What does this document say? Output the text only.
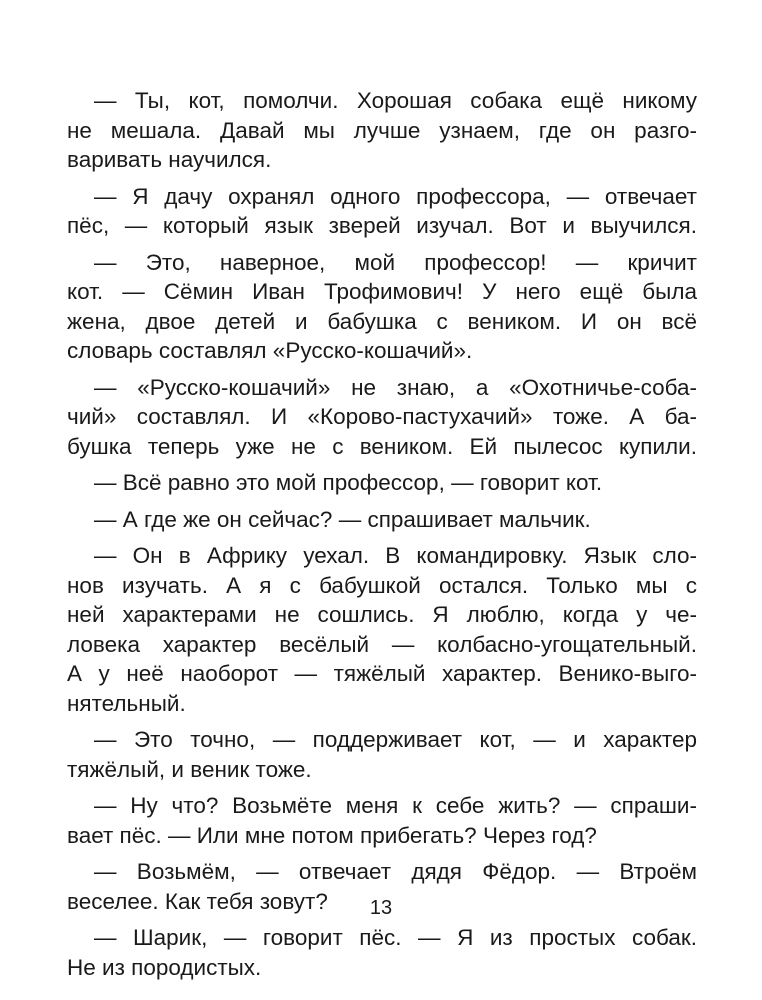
— Ты, кот, помолчи. Хорошая собака ещё никому
не мешала. Давай мы лучше узнаем, где он разго-
варивать научился.
— Я дачу охранял одного профессора, — отвечает
пёс, — который язык зверей изучал. Вот и выучился.
— Это, наверное, мой профессор! — кричит
кот. — Сёмин Иван Трофимович! У него ещё была
жена, двое детей и бабушка с веником. И он всё
словарь составлял «Русско-кошачий».
— «Русско-кошачий» не знаю, а «Охотничье-соба-
чий» составлял. И «Корово-пастухачий» тоже. А ба-
бушка теперь уже не с веником. Ей пылесос купили.
— Всё равно это мой профессор, — говорит кот.
— А где же он сейчас? — спрашивает мальчик.
— Он в Африку уехал. В командировку. Язык сло-
нов изучать. А я с бабушкой остался. Только мы с
ней характерами не сошлись. Я люблю, когда у че-
ловека характер весёлый — колбасно-угощательный.
А у неё наоборот — тяжёлый характер. Венико-выго-
нятельный.
— Это точно, — поддерживает кот, — и характер
тяжёлый, и веник тоже.
— Ну что? Возьмёте меня к себе жить? — спраши-
вает пёс. — Или мне потом прибегать? Через год?
— Возьмём, — отвечает дядя Фёдор. — Втроём
веселее. Как тебя зовут?
— Шарик, — говорит пёс. — Я из простых собак.
Не из породистых.
13
